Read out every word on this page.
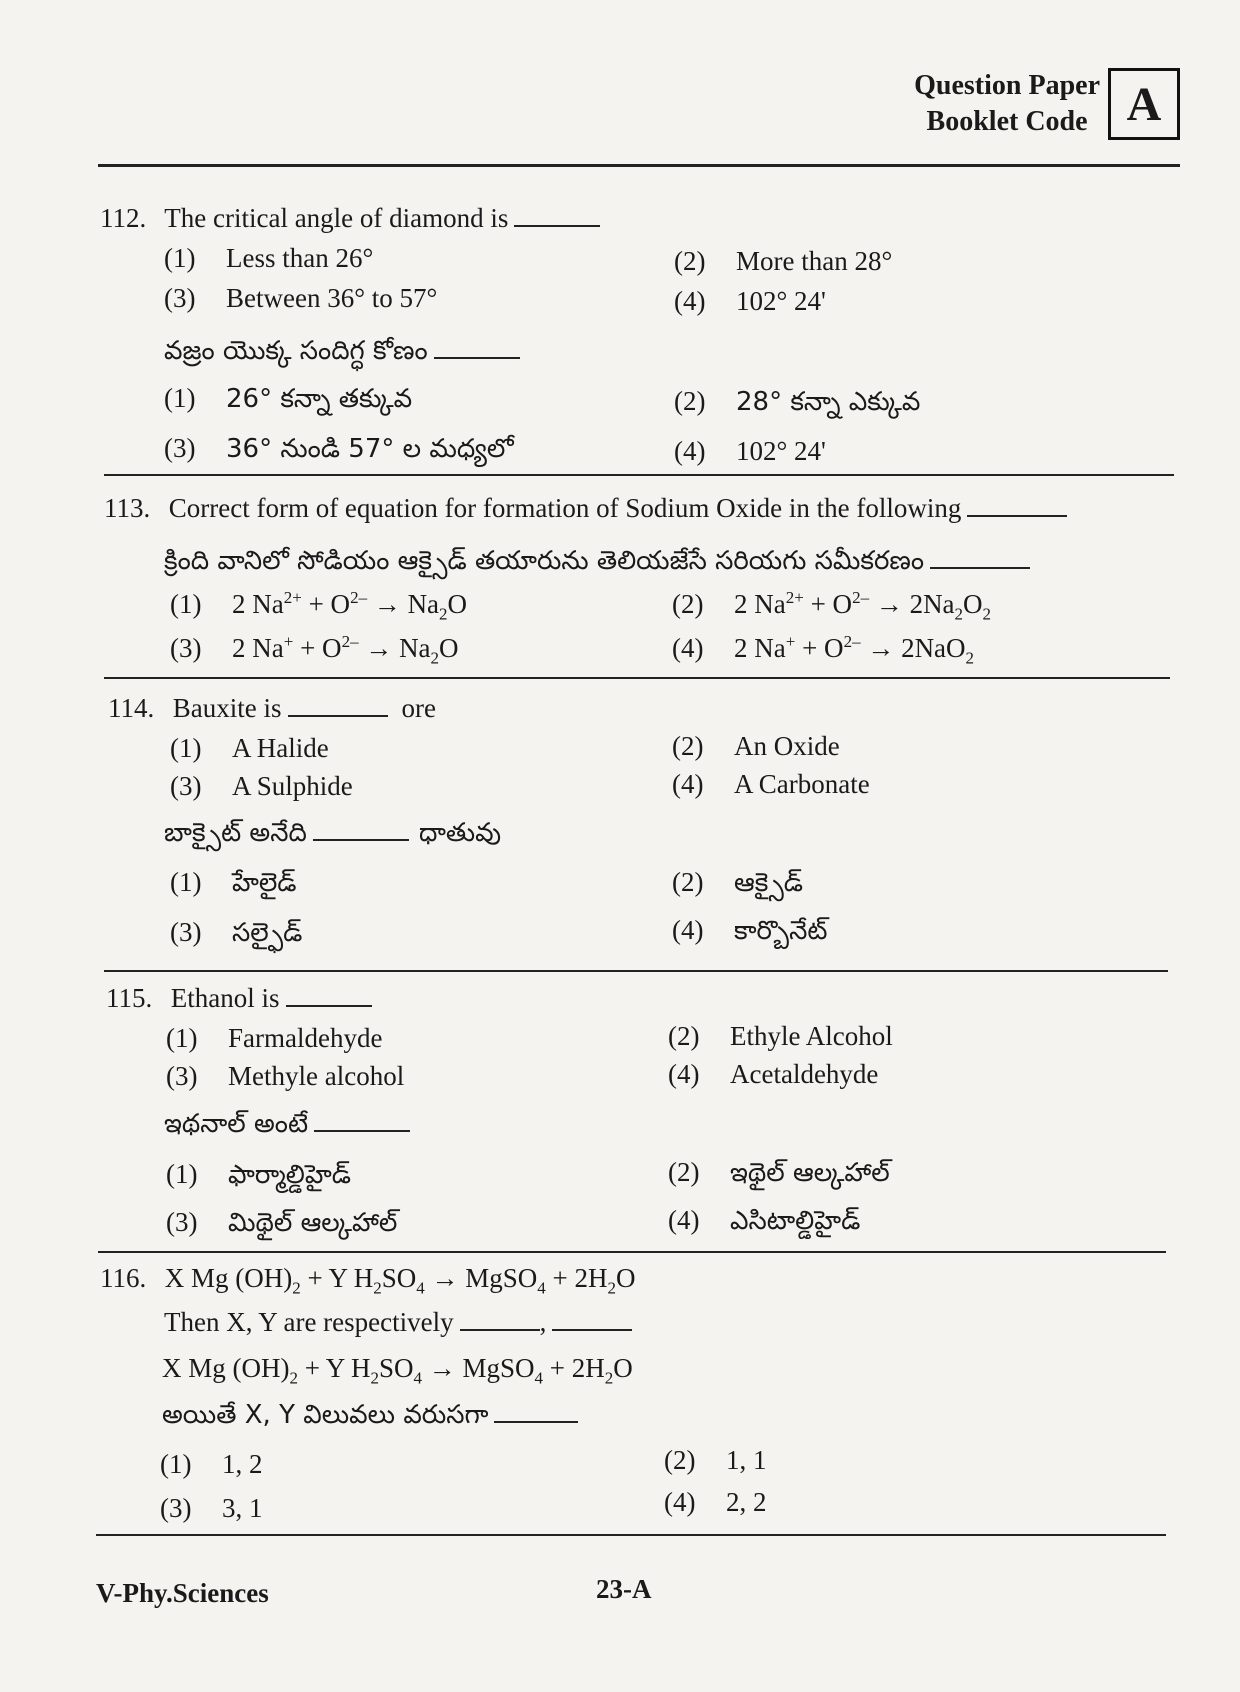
Question Paper
Booklet Code A
112. The critical angle of diamond is
(1) Less than 26°	(2) More than 28°
(3) Between 36° to 57°	(4) 102° 24'
వజ్రం యొక్క సందిగ్ధ కోణం
(1) 26° కన్నా తక్కువ	(2) 28° కన్నా ఎక్కువ
(3) 36° నుండి 57° ల మధ్యలో	(4) 102° 24'
113. Correct form of equation for formation of Sodium Oxide in the following
క్రింది వానిలో సోడియం ఆక్సైడ్ తయారును తెలియజేసే సరియగు సమీకరణం
(1) 2 $Na^{2+} + O^{2-} \to Na_2O$	(2) 2 $Na^{2+} + O^{2-} \to 2Na_2O_2$
(3) 2 $Na^+ + O^{2-} \to Na_2O$	(4) 2 $Na^+ + O^{2-} \to 2NaO_2$
114. Bauxite is	ore
(1) A Halide	(2) An Oxide
(3) A Sulphide	(4) A Carbonate
బాక్సైట్ అనేది	ధాతువు
(1) హేలైడ్	(2) ఆక్సైడ్
(3) సల్ఫైడ్	(4) కార్బొనేట్
115. Ethanol is
(1) Farmaldehyde	(2) Ethyle Alcohol
(3) Methyle alcohol	(4) Acetaldehyde
ఇథనాల్ అంటే
(1) ఫార్మాల్డిహైడ్	(2) ఇథైల్ ఆల్కహాల్
(3) మిథైల్ ఆల్కహాల్	(4) ఎసిటాల్డిహైడ్
116. X Mg $(OH)_2 + Y$ $H_2SO_4$ → MgSO$_4$ + $2H_2O$
Then X, Y are respectively	,
X Mg $(OH)_2 + Y$ $H_2SO_4$ → MgSO$_4$ + $2H_2O$
అయితే X, Y విలువలు వరుసగా
(1) 1, 2	(2) 1, 1
(3) 3, 1	(4) 2, 2
V-Phy.Sciences	23-A
